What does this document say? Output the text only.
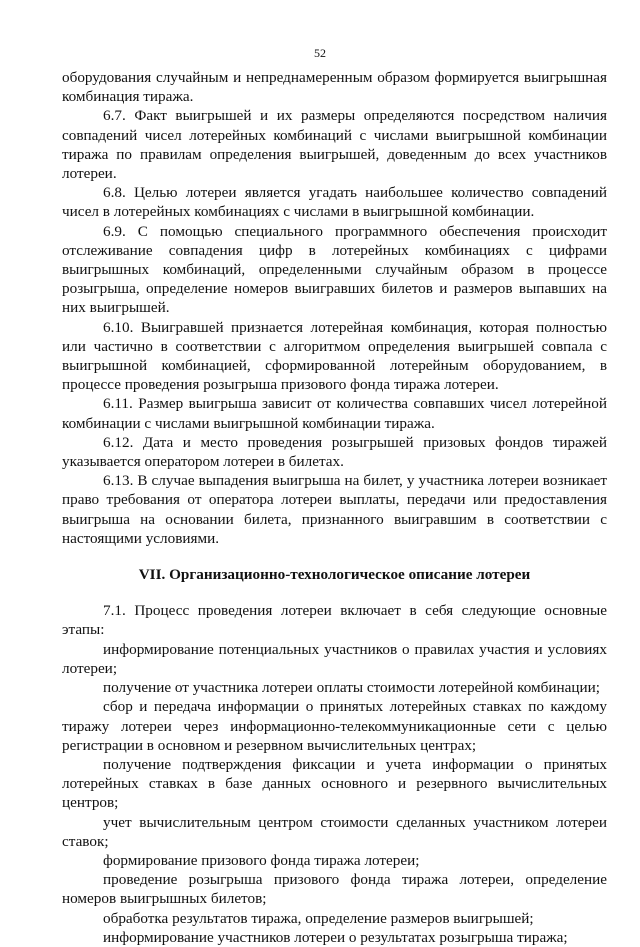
52

оборудования случайным и непреднамеренным образом формируется выигрышная комбинация тиража.

6.7. Факт выигрышей и их размеры определяются посредством наличия совпадений чисел лотерейных комбинаций с числами выигрышной комбинации тиража по правилам определения выигрышей, доведенным до всех участников лотереи.

6.8. Целью лотереи является угадать наибольшее количество совпадений чисел в лотерейных комбинациях с числами в выигрышной комбинации.

6.9. С помощью специального программного обеспечения происходит отслеживание совпадения цифр в лотерейных комбинациях с цифрами выигрышных комбинаций, определенными случайным образом в процессе розыгрыша, определение номеров выигравших билетов и размеров выпавших на них выигрышей.

6.10. Выигравшей признается лотерейная комбинация, которая полностью или частично в соответствии с алгоритмом определения выигрышей совпала с выигрышной комбинацией, сформированной лотерейным оборудованием, в процессе проведения розыгрыша призового фонда тиража лотереи.

6.11. Размер выигрыша зависит от количества совпавших чисел лотерейной комбинации с числами выигрышной комбинации тиража.

6.12. Дата и место проведения розыгрышей призовых фондов тиражей указывается оператором лотереи в билетах.

6.13. В случае выпадения выигрыша на билет, у участника лотереи возникает право требования от оператора лотереи выплаты, передачи или предоставления выигрыша на основании билета, признанного выигравшим в соответствии с настоящими условиями.

VII. Организационно-технологическое описание лотереи

7.1. Процесс проведения лотереи включает в себя следующие основные этапы:

информирование потенциальных участников о правилах участия и условиях лотереи;

получение от участника лотереи оплаты стоимости лотерейной комбинации;

сбор и передача информации о принятых лотерейных ставках по каждому тиражу лотереи через информационно-телекоммуникационные сети с целью регистрации в основном и резервном вычислительных центрах;

получение подтверждения фиксации и учета информации о принятых лотерейных ставках в базе данных основного и резервного вычислительных центров;

учет вычислительным центром стоимости сделанных участником лотереи ставок;

формирование призового фонда тиража лотереи;

проведение розыгрыша призового фонда тиража лотереи, определение номеров выигрышных билетов;

обработка результатов тиража, определение размеров выигрышей;

информирование участников лотереи о результатах розыгрыша тиража;
